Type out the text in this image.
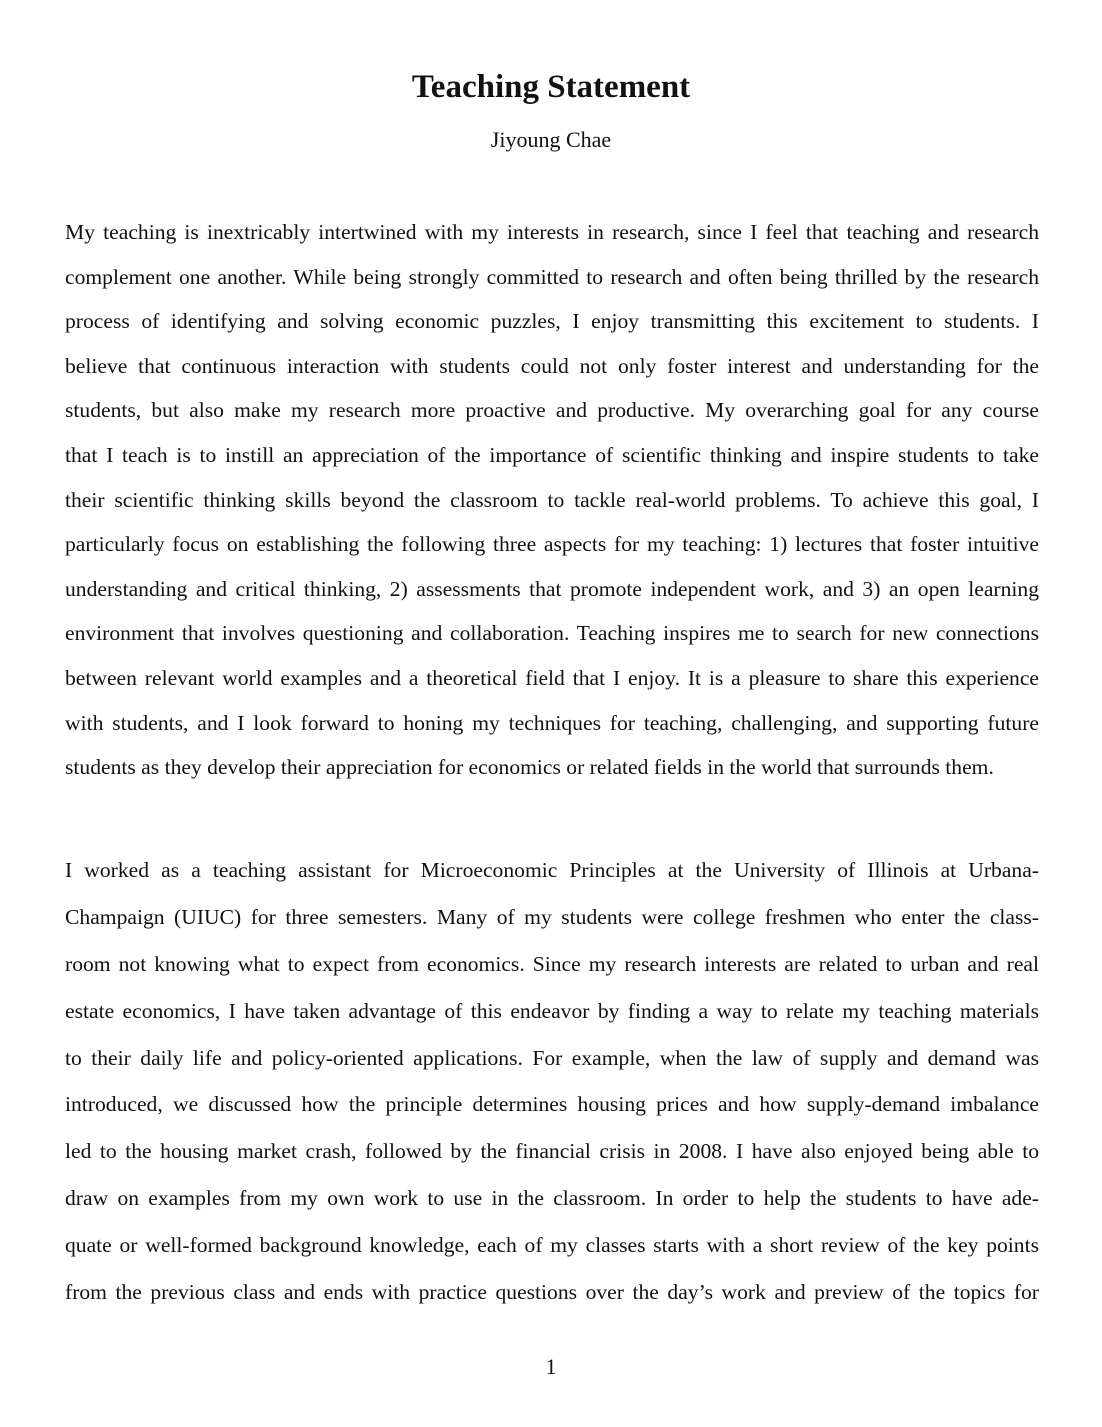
Teaching Statement

Jiyoung Chae

My teaching is inextricably intertwined with my interests in research, since I feel that teaching and research
complement one another. While being strongly committed to research and often being thrilled by the research
process of identifying and solving economic puzzles, I enjoy transmitting this excitement to students. I
believe that continuous interaction with students could not only foster interest and understanding for the
students, but also make my research more proactive and productive. My overarching goal for any course
that I teach is to instill an appreciation of the importance of scientific thinking and inspire students to take
their scientific thinking skills beyond the classroom to tackle real-world problems. To achieve this goal, I
particularly focus on establishing the following three aspects for my teaching: 1) lectures that foster intuitive
understanding and critical thinking, 2) assessments that promote independent work, and 3) an open learning
environment that involves questioning and collaboration. Teaching inspires me to search for new connections
between relevant world examples and a theoretical field that I enjoy. It is a pleasure to share this experience
with students, and I look forward to honing my techniques for teaching, challenging, and supporting future
students as they develop their appreciation for economics or related fields in the world that surrounds them.
I worked as a teaching assistant for Microeconomic Principles at the University of Illinois at Urbana-
Champaign (UIUC) for three semesters. Many of my students were college freshmen who enter the class-
room not knowing what to expect from economics. Since my research interests are related to urban and real
estate economics, I have taken advantage of this endeavor by finding a way to relate my teaching materials
to their daily life and policy-oriented applications. For example, when the law of supply and demand was
introduced, we discussed how the principle determines housing prices and how supply-demand imbalance
led to the housing market crash, followed by the financial crisis in 2008. I have also enjoyed being able to
draw on examples from my own work to use in the classroom. In order to help the students to have ade-
quate or well-formed background knowledge, each of my classes starts with a short review of the key points
from the previous class and ends with practice questions over the day’s work and preview of the topics for

1
